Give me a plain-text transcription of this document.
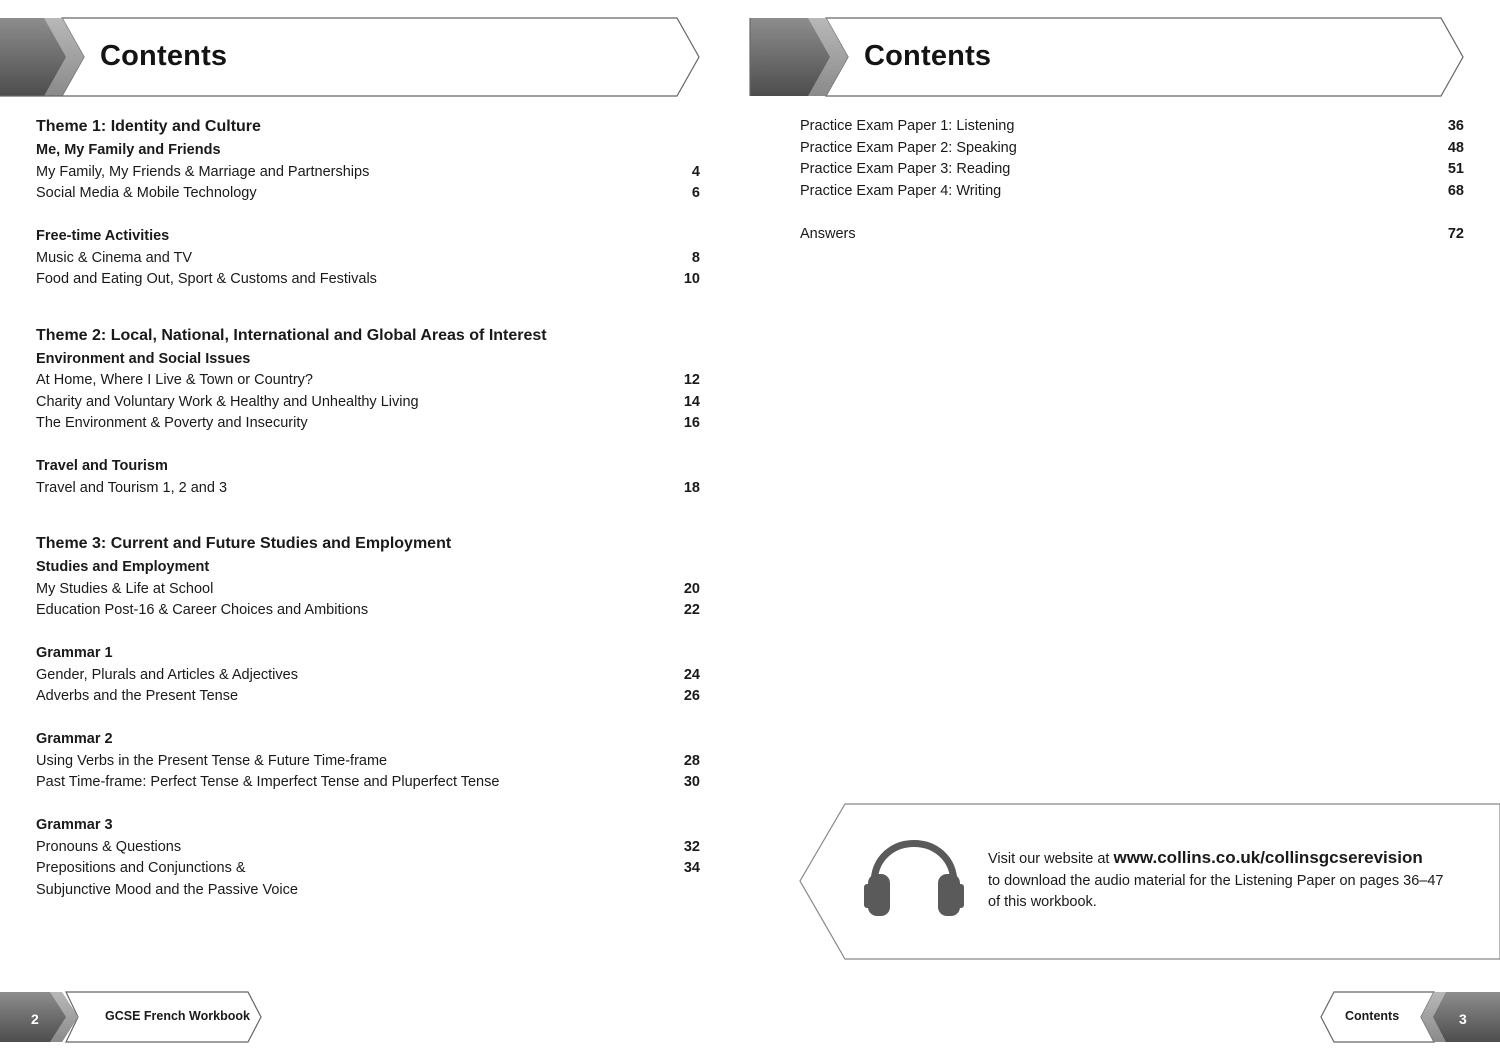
Contents	Contents
Theme 1: Identity and Culture
Me, My Family and Friends
My Family, My Friends & Marriage and Partnerships	4
Social Media & Mobile Technology	6
Free-time Activities
Music & Cinema and TV	8
Food and Eating Out, Sport & Customs and Festivals	10
Theme 2: Local, National, International and Global Areas of Interest
Environment and Social Issues
At Home, Where I Live & Town or Country?	12
Charity and Voluntary Work & Healthy and Unhealthy Living	14
The Environment & Poverty and Insecurity	16
Travel and Tourism
Travel and Tourism 1, 2 and 3	18
Theme 3: Current and Future Studies and Employment
Studies and Employment
My Studies & Life at School	20
Education Post-16 & Career Choices and Ambitions	22
Grammar 1
Gender, Plurals and Articles & Adjectives	24
Adverbs and the Present Tense	26
Grammar 2
Using Verbs in the Present Tense & Future Time-frame	28
Past Time-frame: Perfect Tense & Imperfect Tense and Pluperfect Tense	30
Grammar 3
Pronouns & Questions	32
Prepositions and Conjunctions &	34
Subjunctive Mood and the Passive Voice
Practice Exam Paper 1: Listening	36
Practice Exam Paper 2: Speaking	48
Practice Exam Paper 3: Reading	51
Practice Exam Paper 4: Writing	68
Answers	72
Visit our website at www.collins.co.uk/collinsgcserevision
to download the audio material for the Listening Paper on pages 36–47
of this workbook.
2	GCSE French Workbook	Contents	3
